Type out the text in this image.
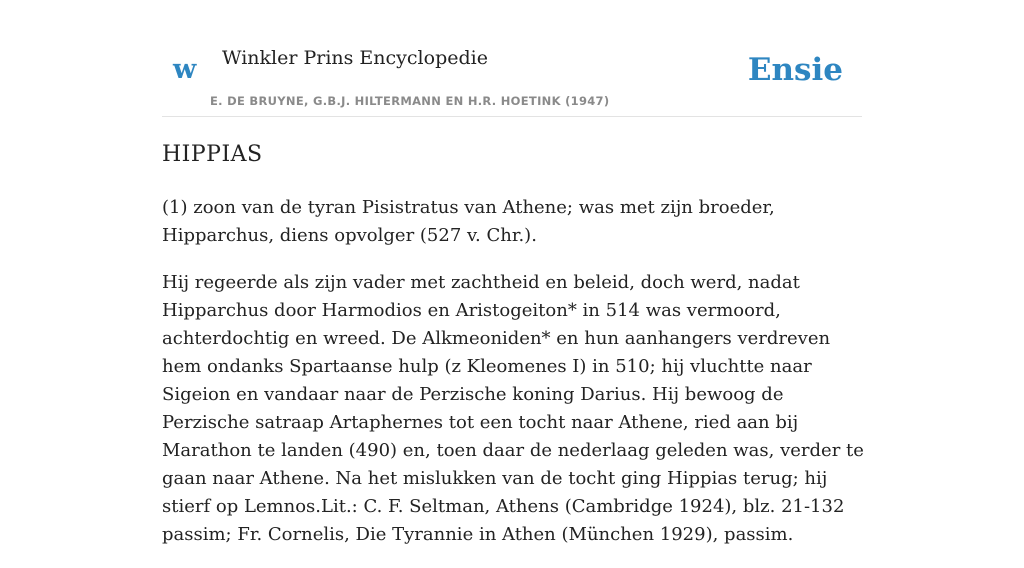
w Winkler Prins Encyclopedie
E. DE BRUYNE, G.B.J. HILTERMANN EN H.R. HOETINK (1947)
Ensie
HIPPIAS

(1) zoon van de tyran Pisistratus van Athene; was met zijn broeder, Hipparchus, diens opvolger (527 v. Chr.).

Hij regeerde als zijn vader met zachtheid en beleid, doch werd, nadat Hipparchus door Harmodios en Aristogeiton* in 514 was vermoord, achterdochtig en wreed. De Alkmeoniden* en hun aanhangers verdreven hem ondanks Spartaanse hulp (z Kleomenes I) in 510; hij vluchtte naar Sigeion en vandaar naar de Perzische koning Darius. Hij bewoog de Perzische satraap Artaphernes tot een tocht naar Athene, ried aan bij Marathon te landen (490) en, toen daar de nederlaag geleden was, verder te gaan naar Athene. Na het mislukken van de tocht ging Hippias terug; hij stierf op Lemnos.Lit.: C. F. Seltman, Athens (Cambridge 1924), blz. 21-132 passim; Fr. Cornelis, Die Tyrannie in Athen (München 1929), passim.
